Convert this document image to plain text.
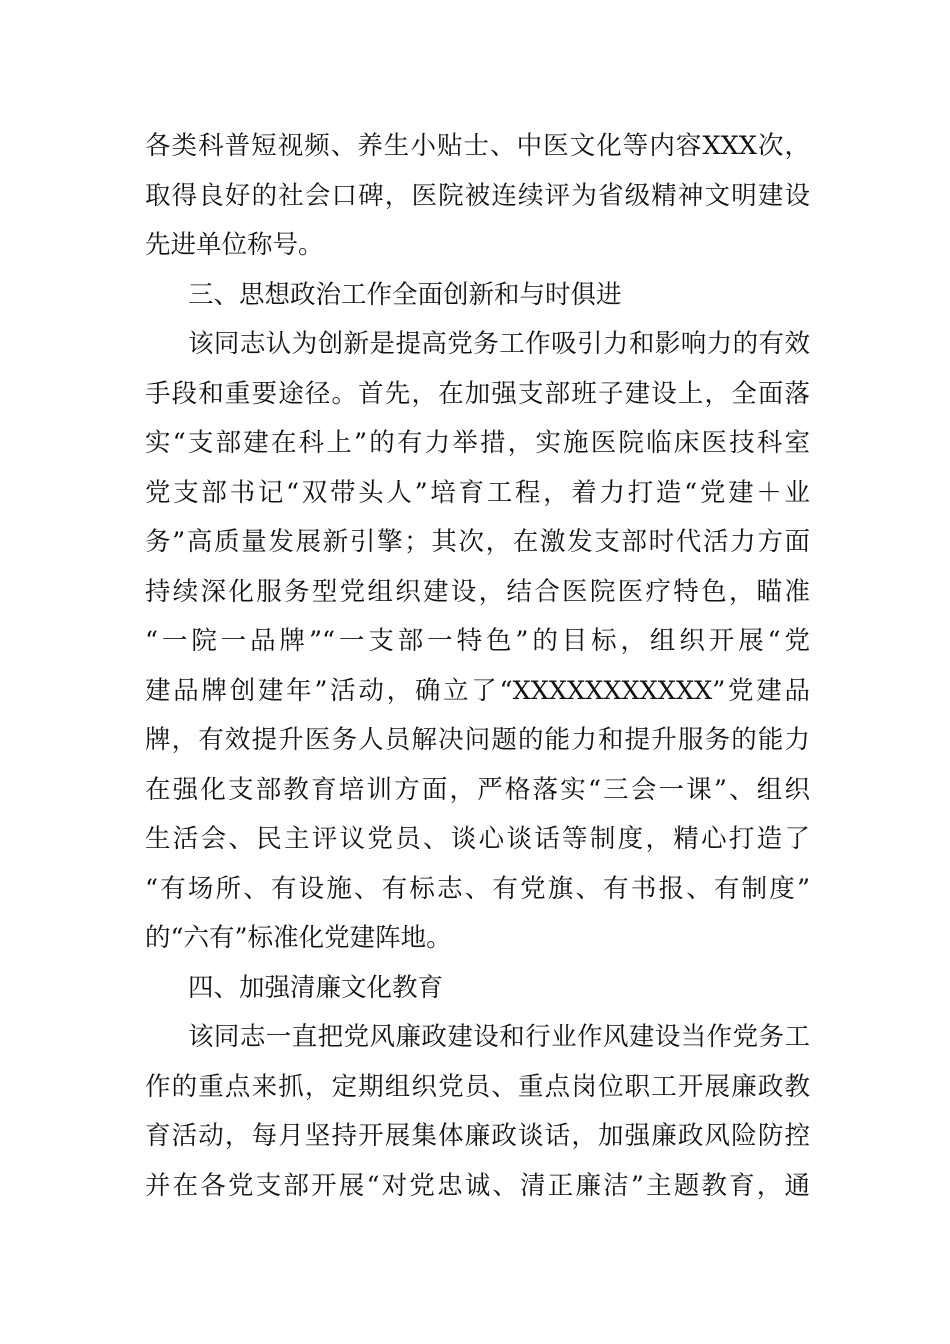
各类科普短视频、养生小贴士、中医文化等内容XXX次，
取得良好的社会口碑，医院被连续评为省级精神文明建设
先进单位称号。
三、思想政治工作全面创新和与时俱进
该同志认为创新是提高党务工作吸引力和影响力的有效
手段和重要途径。首先，在加强支部班子建设上，全面落
实“支部建在科上”的有力举措，实施医院临床医技科室
党支部书记“双带头人”培育工程，着力打造“党建＋业
务”高质量发展新引擎；其次，在激发支部时代活力方面
持续深化服务型党组织建设，结合医院医疗特色，瞄准
“一院一品牌”“一支部一特色”的目标，组织开展“党
建品牌创建年”活动，确立了“XXXXXXXXXXX”党建品
牌，有效提升医务人员解决问题的能力和提升服务的能力
在强化支部教育培训方面，严格落实“三会一课”、组织
生活会、民主评议党员、谈心谈话等制度，精心打造了
“有场所、有设施、有标志、有党旗、有书报、有制度”
的“六有”标准化党建阵地。
四、加强清廉文化教育
该同志一直把党风廉政建设和行业作风建设当作党务工
作的重点来抓，定期组织党员、重点岗位职工开展廉政教
育活动，每月坚持开展集体廉政谈话，加强廉政风险防控
并在各党支部开展“对党忠诚、清正廉洁”主题教育，通
